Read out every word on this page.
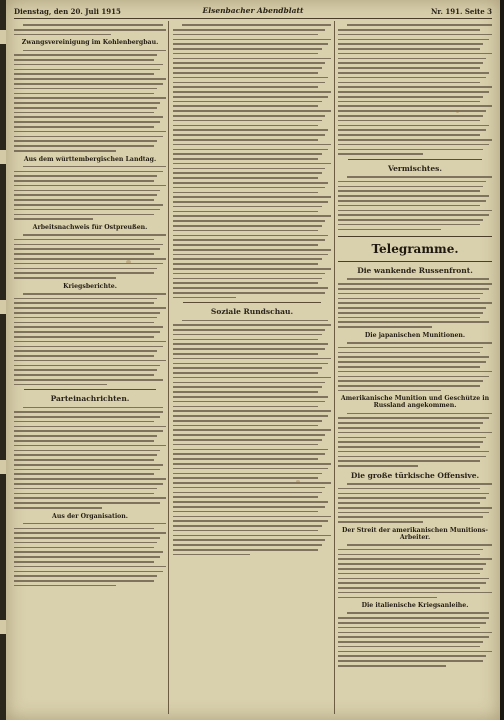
Dienstag, den 20. Juli 1915	Elsenbacher Abendblatt	Nr. 191. Seite 3
Zwangsvereinigung im Kohlenbergbau.
Aus dem württembergischen Landtag.
Arbeitsnachweis für Ostpreußen.
Kriegsberichte.
Parteinachrichten.
Aus der Organisation.
Soziale Rundschau.
Vermischtes.
Telegramme.
Die wankende Russenfront.
Die japanischen Munitionen.
Amerikanische Munition und Geschütze in Russland angekommen.
Die große türkische Offensive.
Der Streit der amerikanischen Munitions-Arbeiter.
Die italienische Kriegsanleihe.
